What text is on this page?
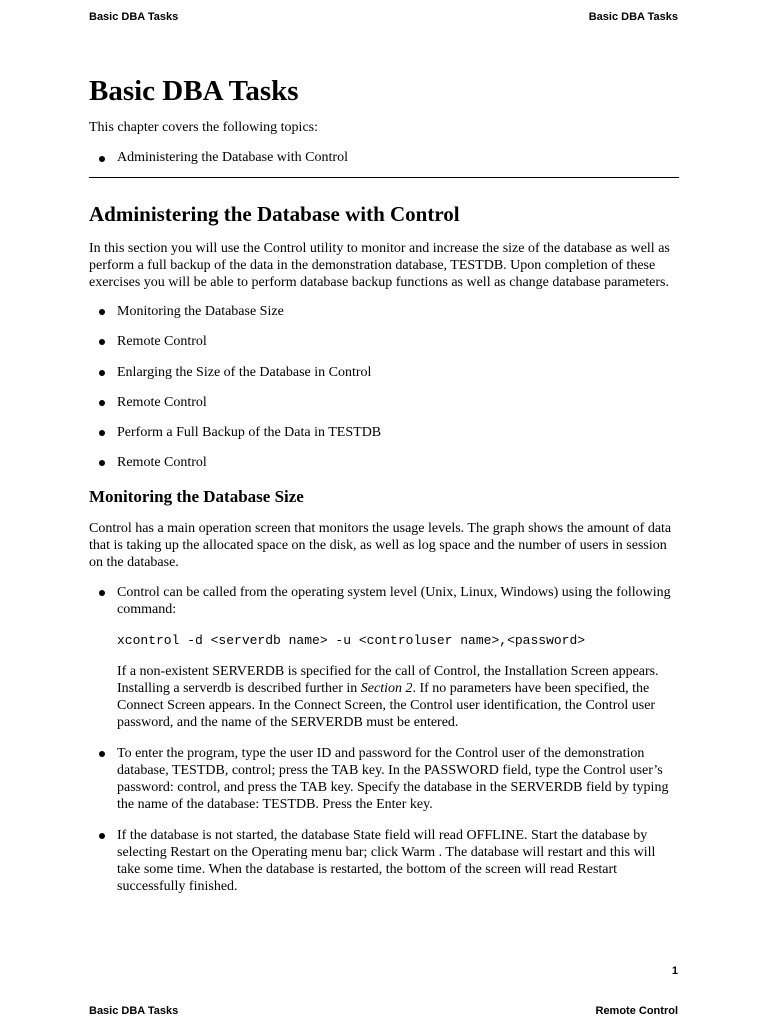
Basic DBA Tasks	Basic DBA Tasks
Basic DBA Tasks

This chapter covers the following topics:

Administering the Database with Control
Administering the Database with Control

In this section you will use the Control utility to monitor and increase the size of the database as well as perform a full backup of the data in the demonstration database, TESTDB. Upon completion of these exercises you will be able to perform database backup functions as well as change database parameters.

Monitoring the Database Size
Remote Control
Enlarging the Size of the Database in Control
Remote Control
Perform a Full Backup of the Data in TESTDB
Remote Control
Monitoring the Database Size

Control has a main operation screen that monitors the usage levels. The graph shows the amount of data that is taking up the allocated space on the disk, as well as log space and the number of users in session on the database.

Control can be called from the operating system level (Unix, Linux, Windows) using the following command:

xcontrol -d <serverdb name> -u <controluser name>,<password>

If a non-existent SERVERDB is specified for the call of Control, the Installation Screen appears. Installing a serverdb is described further in Section 2. If no parameters have been specified, the Connect Screen appears. In the Connect Screen, the Control user identification, the Control user password, and the name of the SERVERDB must be entered.

To enter the program, type the user ID and password for the Control user of the demonstration database, TESTDB, control; press the TAB key. In the PASSWORD field, type the Control user’s password: control, and press the TAB key. Specify the database in the SERVERDB field by typing the name of the database: TESTDB. Press the Enter key.

If the database is not started, the database State field will read OFFLINE. Start the database by selecting Restart on the Operating menu bar; click Warm . The database will restart and this will take some time. When the database is restarted, the bottom of the screen will read Restart successfully finished.

1
Basic DBA Tasks	Remote Control
